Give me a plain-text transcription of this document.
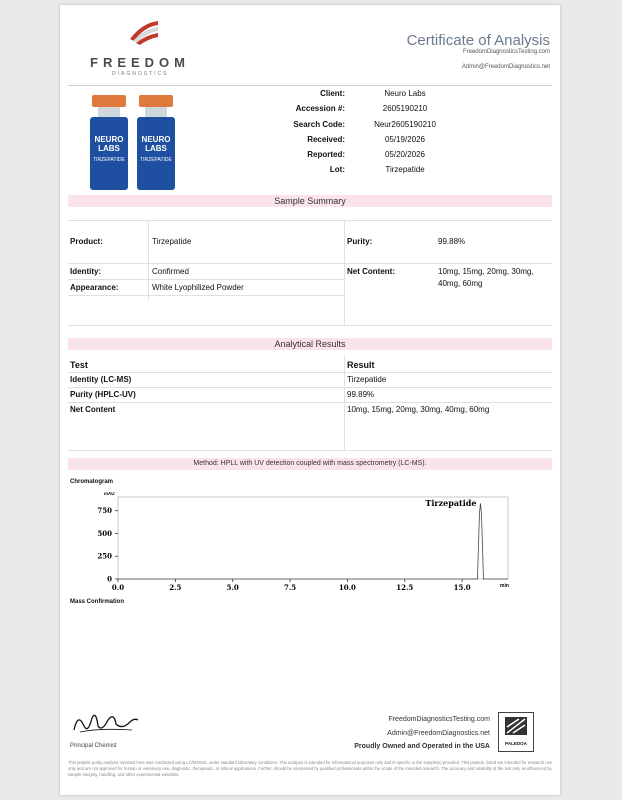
FREEDOM
DIAGNOSTICS
Certificate of Analysis
FreedomDiagnosticsTesting.com
Admin@FreedomDiagnostics.net
NEURO LABS
TIRZEPATIDE
NEURO LABS
TIRZEPATIDE
Client:	Neuro Labs
Accession #:	2605190210
Search Code:	Neur2605190210
Received:	05/19/2026
Reported:	05/20/2026
Lot:	Tirzepatide
Sample Summary
Product:	Tirzepatide	Purity:	99.88%
Identity:	Confirmed
Appearance:	White Lyophilized Powder
Net Content:	10mg, 15mg, 20mg, 30mg,
40mg, 60mg
Analytical Results
Test	Result
Identity (LC-MS)	Tirzepatide
Purity (HPLC-UV)	99.89%
Net Content	10mg, 15mg, 20mg, 30mg, 40mg, 60mg
Method: HPLL with UV detection coupled with mass spectrometry (LC-MS).
Chromatogram
0.0	2.5	5.0	7.5	10.0	12.5	15.0
0
250
500
750
mAU
min
Tirzepatide
Mass Confirmation
Principal Chemist
FreedomDiagnosticsTesting.com
Admin@FreedomDiagnostics.net
Proudly Owned and Operated in the USA	PALEDOA
This peptide purity analysis reported here was conducted using LC/MS/MS, under standard laboratory conditions. This analysis is intended for informational purposes only and is specific to the sample(s) provided. This peptide, listed are intended for research use only and are not approved for human or veterinary use, diagnostic, therapeutic, or ethical applications. Further, should be interpreted by qualified professionals within the scope of the intended research. The accuracy and reliability of the test only as influenced by sample integrity, handling, and other experimental variables.
